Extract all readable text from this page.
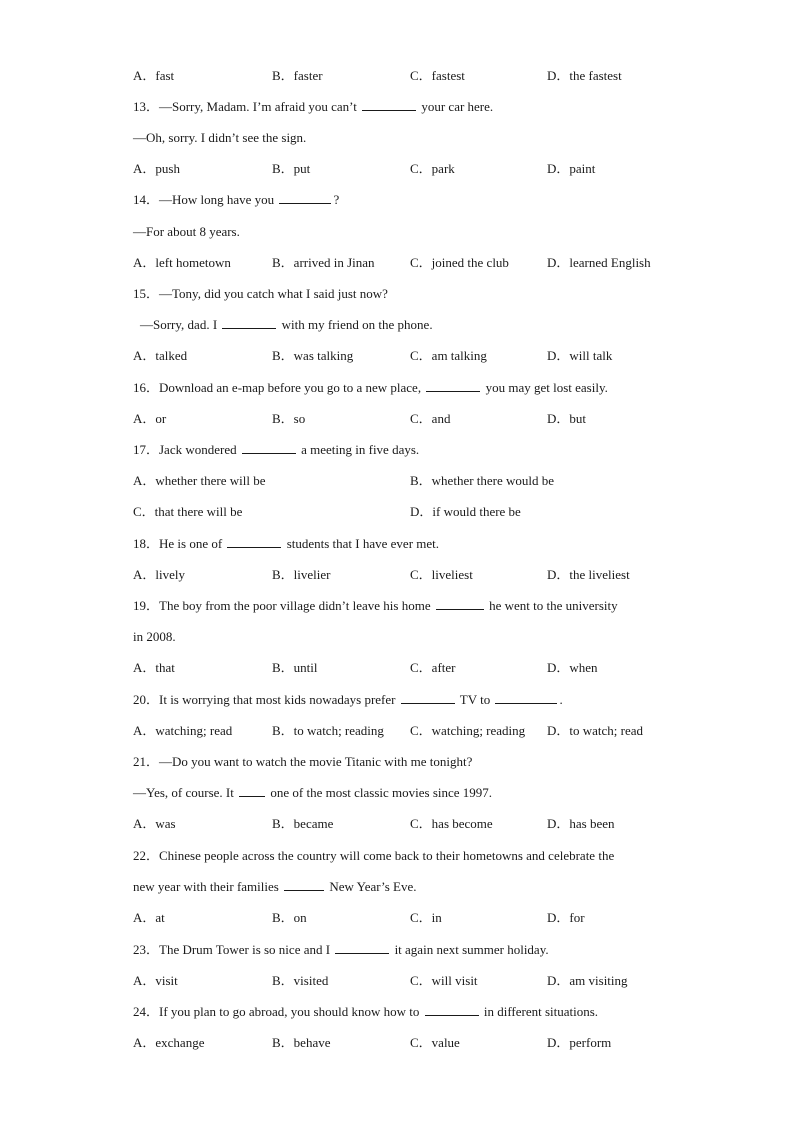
A．fast	B．faster	C．fastest	D．the fastest
13．—Sorry, Madam. I’m afraid you can’t	your car here.
—Oh, sorry. I didn’t see the sign.
A．push	B．put	C．park	D．paint
14．—How long have you	?
—For about 8 years.
A．left hometown	B．arrived in Jinan	C．joined the club	D．learned English
15．—Tony, did you catch what I said just now?
—Sorry, dad. I	with my friend on the phone.
A．talked	B．was talking	C．am talking	D．will talk
16．Download an e-map before you go to a new place,	you may get lost easily.
A．or	B．so	C．and	D．but
17．Jack wondered	a meeting in five days.
A．whether there will be	B．whether there would be
C．that there will be	D．if would there be
18．He is one of	students that I have ever met.
A．lively	B．livelier	C．liveliest	D．the liveliest
19．The boy from the poor village didn’t leave his home	he went to the university
in 2008.
A．that	B．until	C．after	D．when
20．It is worrying that most kids nowadays prefer	TV to	.
A．watching; read	B．to watch; reading C．watching; reading D．to watch; read
21．—Do you want to watch the movie Titanic with me tonight?
—Yes, of course. It	one of the most classic movies since 1997.
A．was	B．became	C．has become	D．has been
22．Chinese people across the country will come back to their hometowns and celebrate the
new year with their families	New Year’s Eve.
A．at	B．on	C．in	D．for
23．The Drum Tower is so nice and I	it again next summer holiday.
A．visit	B．visited	C．will visit	D．am visiting
24．If you plan to go abroad, you should know how to	in different situations.
A．exchange	B．behave	C．value	D．perform
